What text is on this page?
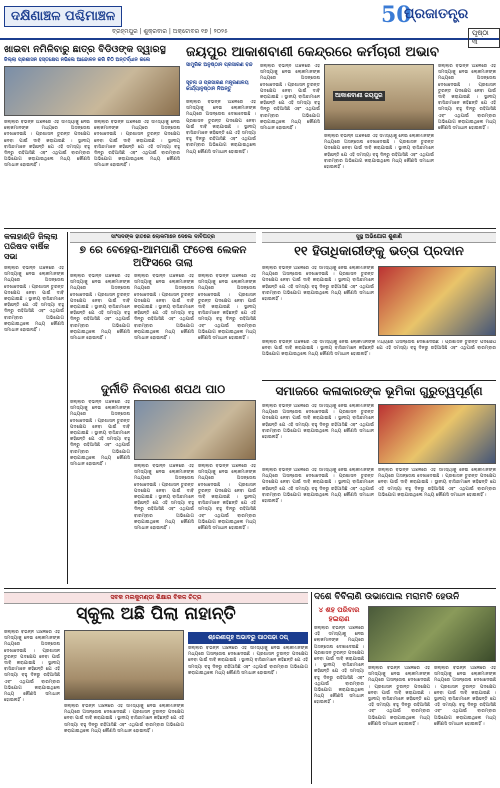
ଦକ୍ଷିଣାଞ୍ଚଳ ପଶ୍ଚିମାଞ୍ଚଳ
ବ୍ରହ୍ମପୁର | ଶୁକ୍ରବାର | ଅକ୍ଟୋବର ୧୭ | ୨୦୨୫
50
ପ୍ରଜାତନ୍ତ୍ର
ପୃଷ୍ଠା ୩
ଖାଇବା ନମିଳିବାରୁ ଛାତ୍ର ବିଡିଓଙ୍କ ଦ୍ୱାରସ୍ଥ
ଜିଲ୍ଲା ପ୍ରଶାସନ ହସ୍ତକ୍ଷେପ ନଭିଲେ ଆନ୍ଦୋଳନ କରି ଚିଠି ଅନ୍ତର୍ଦ୍ଧାନ କଲେ
ଜିଲ୍ଲାର ବିଭିନ୍ନ ଅଞ୍ଚଳରେ ଏହି ସମସ୍ୟାକୁ ନେଇ ଲୋକମାନଙ୍କ ମଧ୍ୟରେ ଅସନ୍ତୋଷ ଦେଖାଦେଇଛି । ପ୍ରଶାସନ ତୁରନ୍ତ ପଦକ୍ଷେପ ନେବା ପାଇଁ ଦାବି କରାଯାଇଛି । ସ୍ଥାନୀୟ ବାସିନ୍ଦାମାନେ କହିଛନ୍ତି ଯେ ଏହି ସମସ୍ୟା ବହୁ ଦିନରୁ ରହିଆସିଛି ଏବଂ ଏଥିପାଇଁ ବାରମ୍ବାର ଅଭିଯୋଗ କରାଯାଇଥିଲେ ମଧ୍ୟ କୌଣସି ସମାଧାନ ହୋଇନାହିଁ ।
ଜିଲ୍ଲାର ବିଭିନ୍ନ ଅଞ୍ଚଳରେ ଏହି ସମସ୍ୟାକୁ ନେଇ ଲୋକମାନଙ୍କ ମଧ୍ୟରେ ଅସନ୍ତୋଷ ଦେଖାଦେଇଛି । ପ୍ରଶାସନ ତୁରନ୍ତ ପଦକ୍ଷେପ ନେବା ପାଇଁ ଦାବି କରାଯାଇଛି । ସ୍ଥାନୀୟ ବାସିନ୍ଦାମାନେ କହିଛନ୍ତି ଯେ ଏହି ସମସ୍ୟା ବହୁ ଦିନରୁ ରହିଆସିଛି ଏବଂ ଏଥିପାଇଁ ବାରମ୍ବାର ଅଭିଯୋଗ କରାଯାଇଥିଲେ ମଧ୍ୟ କୌଣସି ସମାଧାନ ହୋଇନାହିଁ ।
ଜୟପୁର ଆକାଶବାଣୀ କେନ୍ଦ୍ରରେ କର୍ମଚାରୀ ଅଭାବ
ସାମ୍ପ୍ରିକ ଅନୁଷ୍ଠାନ ପ୍ରସାରଣ ବନ୍ଦ
ସୂଚନା ଓ ପ୍ରସାରଣ ମନ୍ତ୍ରଣାଳୟ କାର୍ଯ୍ୟାନୁଷ୍ଠାନ ନିଅନ୍ତୁ
ଜିଲ୍ଲାର ବିଭିନ୍ନ ଅଞ୍ଚଳରେ ଏହି ସମସ୍ୟାକୁ ନେଇ ଲୋକମାନଙ୍କ ମଧ୍ୟରେ ଅସନ୍ତୋଷ ଦେଖାଦେଇଛି । ପ୍ରଶାସନ ତୁରନ୍ତ ପଦକ୍ଷେପ ନେବା ପାଇଁ ଦାବି କରାଯାଇଛି । ସ୍ଥାନୀୟ ବାସିନ୍ଦାମାନେ କହିଛନ୍ତି ଯେ ଏହି ସମସ୍ୟା ବହୁ ଦିନରୁ ରହିଆସିଛି ଏବଂ ଏଥିପାଇଁ ବାରମ୍ବାର ଅଭିଯୋଗ କରାଯାଇଥିଲେ ମଧ୍ୟ କୌଣସି ସମାଧାନ ହୋଇନାହିଁ ।
ଜିଲ୍ଲାର ବିଭିନ୍ନ ଅଞ୍ଚଳରେ ଏହି ସମସ୍ୟାକୁ ନେଇ ଲୋକମାନଙ୍କ ମଧ୍ୟରେ ଅସନ୍ତୋଷ ଦେଖାଦେଇଛି । ପ୍ରଶାସନ ତୁରନ୍ତ ପଦକ୍ଷେପ ନେବା ପାଇଁ ଦାବି କରାଯାଇଛି । ସ୍ଥାନୀୟ ବାସିନ୍ଦାମାନେ କହିଛନ୍ତି ଯେ ଏହି ସମସ୍ୟା ବହୁ ଦିନରୁ ରହିଆସିଛି ଏବଂ ଏଥିପାଇଁ ବାରମ୍ବାର ଅଭିଯୋଗ କରାଯାଇଥିଲେ ମଧ୍ୟ କୌଣସି ସମାଧାନ ହୋଇନାହିଁ ।
ଆକାଶବାଣୀ ଜୟପୁର
ଜିଲ୍ଲାର ବିଭିନ୍ନ ଅଞ୍ଚଳରେ ଏହି ସମସ୍ୟାକୁ ନେଇ ଲୋକମାନଙ୍କ ମଧ୍ୟରେ ଅସନ୍ତୋଷ ଦେଖାଦେଇଛି । ପ୍ରଶାସନ ତୁରନ୍ତ ପଦକ୍ଷେପ ନେବା ପାଇଁ ଦାବି କରାଯାଇଛି । ସ୍ଥାନୀୟ ବାସିନ୍ଦାମାନେ କହିଛନ୍ତି ଯେ ଏହି ସମସ୍ୟା ବହୁ ଦିନରୁ ରହିଆସିଛି ଏବଂ ଏଥିପାଇଁ ବାରମ୍ବାର ଅଭିଯୋଗ କରାଯାଇଥିଲେ ମଧ୍ୟ କୌଣସି ସମାଧାନ ହୋଇନାହିଁ ।
ଜିଲ୍ଲାର ବିଭିନ୍ନ ଅଞ୍ଚଳରେ ଏହି ସମସ୍ୟାକୁ ନେଇ ଲୋକମାନଙ୍କ ମଧ୍ୟରେ ଅସନ୍ତୋଷ ଦେଖାଦେଇଛି । ପ୍ରଶାସନ ତୁରନ୍ତ ପଦକ୍ଷେପ ନେବା ପାଇଁ ଦାବି କରାଯାଇଛି । ସ୍ଥାନୀୟ ବାସିନ୍ଦାମାନେ କହିଛନ୍ତି ଯେ ଏହି ସମସ୍ୟା ବହୁ ଦିନରୁ ରହିଆସିଛି ଏବଂ ଏଥିପାଇଁ ବାରମ୍ବାର ଅଭିଯୋଗ କରାଯାଇଥିଲେ ମଧ୍ୟ କୌଣସି ସମାଧାନ ହୋଇନାହିଁ ।
କଳାହାଣ୍ଡି ଜିଲ୍ଲା ପରିଷଦ ବାର୍ଷିକ ସଭା
ଜିଲ୍ଲାର ବିଭିନ୍ନ ଅଞ୍ଚଳରେ ଏହି ସମସ୍ୟାକୁ ନେଇ ଲୋକମାନଙ୍କ ମଧ୍ୟରେ ଅସନ୍ତୋଷ ଦେଖାଦେଇଛି । ପ୍ରଶାସନ ତୁରନ୍ତ ପଦକ୍ଷେପ ନେବା ପାଇଁ ଦାବି କରାଯାଇଛି । ସ୍ଥାନୀୟ ବାସିନ୍ଦାମାନେ କହିଛନ୍ତି ଯେ ଏହି ସମସ୍ୟା ବହୁ ଦିନରୁ ରହିଆସିଛି ଏବଂ ଏଥିପାଇଁ ବାରମ୍ବାର ଅଭିଯୋଗ କରାଯାଇଥିଲେ ମଧ୍ୟ କୌଣସି ସମାଧାନ ହୋଇନାହିଁ ।
ସାଂସଦଙ୍କ ହାତରେ ଲୋକମାନେ ଦେଲେ ଦାବିପତ୍ର
୭ ରେ ବେହେରା-ଆମପାଣି ଫତେଷ ଲେକନ ଅଫିସରେ ତାଲା
ଜିଲ୍ଲାର ବିଭିନ୍ନ ଅଞ୍ଚଳରେ ଏହି ସମସ୍ୟାକୁ ନେଇ ଲୋକମାନଙ୍କ ମଧ୍ୟରେ ଅସନ୍ତୋଷ ଦେଖାଦେଇଛି । ପ୍ରଶାସନ ତୁରନ୍ତ ପଦକ୍ଷେପ ନେବା ପାଇଁ ଦାବି କରାଯାଇଛି । ସ୍ଥାନୀୟ ବାସିନ୍ଦାମାନେ କହିଛନ୍ତି ଯେ ଏହି ସମସ୍ୟା ବହୁ ଦିନରୁ ରହିଆସିଛି ଏବଂ ଏଥିପାଇଁ ବାରମ୍ବାର ଅଭିଯୋଗ କରାଯାଇଥିଲେ ମଧ୍ୟ କୌଣସି ସମାଧାନ ହୋଇନାହିଁ ।
ଜିଲ୍ଲାର ବିଭିନ୍ନ ଅଞ୍ଚଳରେ ଏହି ସମସ୍ୟାକୁ ନେଇ ଲୋକମାନଙ୍କ ମଧ୍ୟରେ ଅସନ୍ତୋଷ ଦେଖାଦେଇଛି । ପ୍ରଶାସନ ତୁରନ୍ତ ପଦକ୍ଷେପ ନେବା ପାଇଁ ଦାବି କରାଯାଇଛି । ସ୍ଥାନୀୟ ବାସିନ୍ଦାମାନେ କହିଛନ୍ତି ଯେ ଏହି ସମସ୍ୟା ବହୁ ଦିନରୁ ରହିଆସିଛି ଏବଂ ଏଥିପାଇଁ ବାରମ୍ବାର ଅଭିଯୋଗ କରାଯାଇଥିଲେ ମଧ୍ୟ କୌଣସି ସମାଧାନ ହୋଇନାହିଁ ।
ଜିଲ୍ଲାର ବିଭିନ୍ନ ଅଞ୍ଚଳରେ ଏହି ସମସ୍ୟାକୁ ନେଇ ଲୋକମାନଙ୍କ ମଧ୍ୟରେ ଅସନ୍ତୋଷ ଦେଖାଦେଇଛି । ପ୍ରଶାସନ ତୁରନ୍ତ ପଦକ୍ଷେପ ନେବା ପାଇଁ ଦାବି କରାଯାଇଛି । ସ୍ଥାନୀୟ ବାସିନ୍ଦାମାନେ କହିଛନ୍ତି ଯେ ଏହି ସମସ୍ୟା ବହୁ ଦିନରୁ ରହିଆସିଛି ଏବଂ ଏଥିପାଇଁ ବାରମ୍ବାର ଅଭିଯୋଗ କରାଯାଇଥିଲେ ମଧ୍ୟ କୌଣସି ସମାଧାନ ହୋଇନାହିଁ ।
ସୁସ୍ଥ ଅଭିଯୋଗ ଶୁଣାଣି
୧୧ ହିତାଧିକାରୀଙ୍କୁ ଭତ୍ତା ପ୍ରଦାନ
ଜିଲ୍ଲାର ବିଭିନ୍ନ ଅଞ୍ଚଳରେ ଏହି ସମସ୍ୟାକୁ ନେଇ ଲୋକମାନଙ୍କ ମଧ୍ୟରେ ଅସନ୍ତୋଷ ଦେଖାଦେଇଛି । ପ୍ରଶାସନ ତୁରନ୍ତ ପଦକ୍ଷେପ ନେବା ପାଇଁ ଦାବି କରାଯାଇଛି । ସ୍ଥାନୀୟ ବାସିନ୍ଦାମାନେ କହିଛନ୍ତି ଯେ ଏହି ସମସ୍ୟା ବହୁ ଦିନରୁ ରହିଆସିଛି ଏବଂ ଏଥିପାଇଁ ବାରମ୍ବାର ଅଭିଯୋଗ କରାଯାଇଥିଲେ ମଧ୍ୟ କୌଣସି ସମାଧାନ ହୋଇନାହିଁ ।
ଜିଲ୍ଲାର ବିଭିନ୍ନ ଅଞ୍ଚଳରେ ଏହି ସମସ୍ୟାକୁ ନେଇ ଲୋକମାନଙ୍କ ମଧ୍ୟରେ ଅସନ୍ତୋଷ ଦେଖାଦେଇଛି । ପ୍ରଶାସନ ତୁରନ୍ତ ପଦକ୍ଷେପ ନେବା ପାଇଁ ଦାବି କରାଯାଇଛି । ସ୍ଥାନୀୟ ବାସିନ୍ଦାମାନେ କହିଛନ୍ତି ଯେ ଏହି ସମସ୍ୟା ବହୁ ଦିନରୁ ରହିଆସିଛି ଏବଂ ଏଥିପାଇଁ ବାରମ୍ବାର ଅଭିଯୋଗ କରାଯାଇଥିଲେ ମଧ୍ୟ କୌଣସି ସମାଧାନ ହୋଇନାହିଁ ।
ଦୁର୍ନୀତି ନିବାରଣ ଶପଥ ପାଠ
ଜିଲ୍ଲାର ବିଭିନ୍ନ ଅଞ୍ଚଳରେ ଏହି ସମସ୍ୟାକୁ ନେଇ ଲୋକମାନଙ୍କ ମଧ୍ୟରେ ଅସନ୍ତୋଷ ଦେଖାଦେଇଛି । ପ୍ରଶାସନ ତୁରନ୍ତ ପଦକ୍ଷେପ ନେବା ପାଇଁ ଦାବି କରାଯାଇଛି । ସ୍ଥାନୀୟ ବାସିନ୍ଦାମାନେ କହିଛନ୍ତି ଯେ ଏହି ସମସ୍ୟା ବହୁ ଦିନରୁ ରହିଆସିଛି ଏବଂ ଏଥିପାଇଁ ବାରମ୍ବାର ଅଭିଯୋଗ କରାଯାଇଥିଲେ ମଧ୍ୟ କୌଣସି ସମାଧାନ ହୋଇନାହିଁ ।	ଜିଲ୍ଲାର ବିଭିନ୍ନ ଅଞ୍ଚଳରେ ଏହି ସମସ୍ୟାକୁ ନେଇ ଲୋକମାନଙ୍କ ମଧ୍ୟରେ ଅସନ୍ତୋଷ ଦେଖାଦେଇଛି । ପ୍ରଶାସନ ତୁରନ୍ତ ପଦକ୍ଷେପ ନେବା ପାଇଁ ଦାବି କରାଯାଇଛି । ସ୍ଥାନୀୟ ବାସିନ୍ଦାମାନେ କହିଛନ୍ତି ଯେ ଏହି ସମସ୍ୟା ବହୁ ଦିନରୁ ରହିଆସିଛି ଏବଂ ଏଥିପାଇଁ ବାରମ୍ବାର ଅଭିଯୋଗ କରାଯାଇଥିଲେ ମଧ୍ୟ କୌଣସି ସମାଧାନ ହୋଇନାହିଁ ।
ଜିଲ୍ଲାର ବିଭିନ୍ନ ଅଞ୍ଚଳରେ ଏହି ସମସ୍ୟାକୁ ନେଇ ଲୋକମାନଙ୍କ ମଧ୍ୟରେ ଅସନ୍ତୋଷ ଦେଖାଦେଇଛି । ପ୍ରଶାସନ ତୁରନ୍ତ ପଦକ୍ଷେପ ନେବା ପାଇଁ ଦାବି କରାଯାଇଛି । ସ୍ଥାନୀୟ ବାସିନ୍ଦାମାନେ କହିଛନ୍ତି ଯେ ଏହି ସମସ୍ୟା ବହୁ ଦିନରୁ ରହିଆସିଛି ଏବଂ ଏଥିପାଇଁ ବାରମ୍ବାର ଅଭିଯୋଗ କରାଯାଇଥିଲେ ମଧ୍ୟ କୌଣସି ସମାଧାନ ହୋଇନାହିଁ ।
ସମାଜରେ କଳାକାରଙ୍କ ଭୂମିକା ଗୁରୁତ୍ୱପୂର୍ଣ୍ଣ
ଜିଲ୍ଲାର ବିଭିନ୍ନ ଅଞ୍ଚଳରେ ଏହି ସମସ୍ୟାକୁ ନେଇ ଲୋକମାନଙ୍କ ମଧ୍ୟରେ ଅସନ୍ତୋଷ ଦେଖାଦେଇଛି । ପ୍ରଶାସନ ତୁରନ୍ତ ପଦକ୍ଷେପ ନେବା ପାଇଁ ଦାବି କରାଯାଇଛି । ସ୍ଥାନୀୟ ବାସିନ୍ଦାମାନେ କହିଛନ୍ତି ଯେ ଏହି ସମସ୍ୟା ବହୁ ଦିନରୁ ରହିଆସିଛି ଏବଂ ଏଥିପାଇଁ ବାରମ୍ବାର ଅଭିଯୋଗ କରାଯାଇଥିଲେ ମଧ୍ୟ କୌଣସି ସମାଧାନ ହୋଇନାହିଁ ।
ଜିଲ୍ଲାର ବିଭିନ୍ନ ଅଞ୍ଚଳରେ ଏହି ସମସ୍ୟାକୁ ନେଇ ଲୋକମାନଙ୍କ ମଧ୍ୟରେ ଅସନ୍ତୋଷ ଦେଖାଦେଇଛି । ପ୍ରଶାସନ ତୁରନ୍ତ ପଦକ୍ଷେପ ନେବା ପାଇଁ ଦାବି କରାଯାଇଛି । ସ୍ଥାନୀୟ ବାସିନ୍ଦାମାନେ କହିଛନ୍ତି ଯେ ଏହି ସମସ୍ୟା ବହୁ ଦିନରୁ ରହିଆସିଛି ଏବଂ ଏଥିପାଇଁ ବାରମ୍ବାର ଅଭିଯୋଗ କରାଯାଇଥିଲେ ମଧ୍ୟ କୌଣସି ସମାଧାନ ହୋଇନାହିଁ ।
ଜିଲ୍ଲାର ବିଭିନ୍ନ ଅଞ୍ଚଳରେ ଏହି ସମସ୍ୟାକୁ ନେଇ ଲୋକମାନଙ୍କ ମଧ୍ୟରେ ଅସନ୍ତୋଷ ଦେଖାଦେଇଛି । ପ୍ରଶାସନ ତୁରନ୍ତ ପଦକ୍ଷେପ ନେବା ପାଇଁ ଦାବି କରାଯାଇଛି । ସ୍ଥାନୀୟ ବାସିନ୍ଦାମାନେ କହିଛନ୍ତି ଯେ ଏହି ସମସ୍ୟା ବହୁ ଦିନରୁ ରହିଆସିଛି ଏବଂ ଏଥିପାଇଁ ବାରମ୍ବାର ଅଭିଯୋଗ କରାଯାଇଥିଲେ ମଧ୍ୟ କୌଣସି ସମାଧାନ ହୋଇନାହିଁ ।
ସବକ ମଲକୁମଣ୍ଡା ଶିକ୍ଷାର ବିକଳ ଚିତ୍ର
ସ୍କୁଲ ଅଛି ପିଲା ନାହାନ୍ତି
ଜିଲ୍ଲାର ବିଭିନ୍ନ ଅଞ୍ଚଳରେ ଏହି ସମସ୍ୟାକୁ ନେଇ ଲୋକମାନଙ୍କ ମଧ୍ୟରେ ଅସନ୍ତୋଷ ଦେଖାଦେଇଛି । ପ୍ରଶାସନ ତୁରନ୍ତ ପଦକ୍ଷେପ ନେବା ପାଇଁ ଦାବି କରାଯାଇଛି । ସ୍ଥାନୀୟ ବାସିନ୍ଦାମାନେ କହିଛନ୍ତି ଯେ ଏହି ସମସ୍ୟା ବହୁ ଦିନରୁ ରହିଆସିଛି ଏବଂ ଏଥିପାଇଁ ବାରମ୍ବାର ଅଭିଯୋଗ କରାଯାଇଥିଲେ ମଧ୍ୟ କୌଣସି ସମାଧାନ ହୋଇନାହିଁ ।
ଶ୍ରେଣୀଗୃହ ଅଭାବରୁ ପାଠପଢା ଠପ୍
ଜିଲ୍ଲାର ବିଭିନ୍ନ ଅଞ୍ଚଳରେ ଏହି ସମସ୍ୟାକୁ ନେଇ ଲୋକମାନଙ୍କ ମଧ୍ୟରେ ଅସନ୍ତୋଷ ଦେଖାଦେଇଛି । ପ୍ରଶାସନ ତୁରନ୍ତ ପଦକ୍ଷେପ ନେବା ପାଇଁ ଦାବି କରାଯାଇଛି । ସ୍ଥାନୀୟ ବାସିନ୍ଦାମାନେ କହିଛନ୍ତି ଯେ ଏହି ସମସ୍ୟା ବହୁ ଦିନରୁ ରହିଆସିଛି ଏବଂ ଏଥିପାଇଁ ବାରମ୍ବାର ଅଭିଯୋଗ କରାଯାଇଥିଲେ ମଧ୍ୟ କୌଣସି ସମାଧାନ ହୋଇନାହିଁ ।
ଜିଲ୍ଲାର ବିଭିନ୍ନ ଅଞ୍ଚଳରେ ଏହି ସମସ୍ୟାକୁ ନେଇ ଲୋକମାନଙ୍କ ମଧ୍ୟରେ ଅସନ୍ତୋଷ ଦେଖାଦେଇଛି । ପ୍ରଶାସନ ତୁରନ୍ତ ପଦକ୍ଷେପ ନେବା ପାଇଁ ଦାବି କରାଯାଇଛି । ସ୍ଥାନୀୟ ବାସିନ୍ଦାମାନେ କହିଛନ୍ତି ଯେ ଏହି ସମସ୍ୟା ବହୁ ଦିନରୁ ରହିଆସିଛି ଏବଂ ଏଥିପାଇଁ ବାରମ୍ବାର ଅଭିଯୋଗ କରାଯାଇଥିଲେ ମଧ୍ୟ କୌଣସି ସମାଧାନ ହୋଇନାହିଁ ।
ଦଶେ ବିବିଲାଣି ଉଭାପୋଲ ମରାମତି ହେଉନି
୪ ଶହ ପରିବାର ହଇରାଣ
ଜିଲ୍ଲାର ବିଭିନ୍ନ ଅଞ୍ଚଳରେ ଏହି ସମସ୍ୟାକୁ ନେଇ ଲୋକମାନଙ୍କ ମଧ୍ୟରେ ଅସନ୍ତୋଷ ଦେଖାଦେଇଛି । ପ୍ରଶାସନ ତୁରନ୍ତ ପଦକ୍ଷେପ ନେବା ପାଇଁ ଦାବି କରାଯାଇଛି । ସ୍ଥାନୀୟ ବାସିନ୍ଦାମାନେ କହିଛନ୍ତି ଯେ ଏହି ସମସ୍ୟା ବହୁ ଦିନରୁ ରହିଆସିଛି ଏବଂ ଏଥିପାଇଁ ବାରମ୍ବାର ଅଭିଯୋଗ କରାଯାଇଥିଲେ ମଧ୍ୟ କୌଣସି ସମାଧାନ ହୋଇନାହିଁ ।
ଜିଲ୍ଲାର ବିଭିନ୍ନ ଅଞ୍ଚଳରେ ଏହି ସମସ୍ୟାକୁ ନେଇ ଲୋକମାନଙ୍କ ମଧ୍ୟରେ ଅସନ୍ତୋଷ ଦେଖାଦେଇଛି । ପ୍ରଶାସନ ତୁରନ୍ତ ପଦକ୍ଷେପ ନେବା ପାଇଁ ଦାବି କରାଯାଇଛି । ସ୍ଥାନୀୟ ବାସିନ୍ଦାମାନେ କହିଛନ୍ତି ଯେ ଏହି ସମସ୍ୟା ବହୁ ଦିନରୁ ରହିଆସିଛି ଏବଂ ଏଥିପାଇଁ ବାରମ୍ବାର ଅଭିଯୋଗ କରାଯାଇଥିଲେ ମଧ୍ୟ କୌଣସି ସମାଧାନ ହୋଇନାହିଁ ।
ଜିଲ୍ଲାର ବିଭିନ୍ନ ଅଞ୍ଚଳରେ ଏହି ସମସ୍ୟାକୁ ନେଇ ଲୋକମାନଙ୍କ ମଧ୍ୟରେ ଅସନ୍ତୋଷ ଦେଖାଦେଇଛି । ପ୍ରଶାସନ ତୁରନ୍ତ ପଦକ୍ଷେପ ନେବା ପାଇଁ ଦାବି କରାଯାଇଛି । ସ୍ଥାନୀୟ ବାସିନ୍ଦାମାନେ କହିଛନ୍ତି ଯେ ଏହି ସମସ୍ୟା ବହୁ ଦିନରୁ ରହିଆସିଛି ଏବଂ ଏଥିପାଇଁ ବାରମ୍ବାର ଅଭିଯୋଗ କରାଯାଇଥିଲେ ମଧ୍ୟ କୌଣସି ସମାଧାନ ହୋଇନାହିଁ ।
